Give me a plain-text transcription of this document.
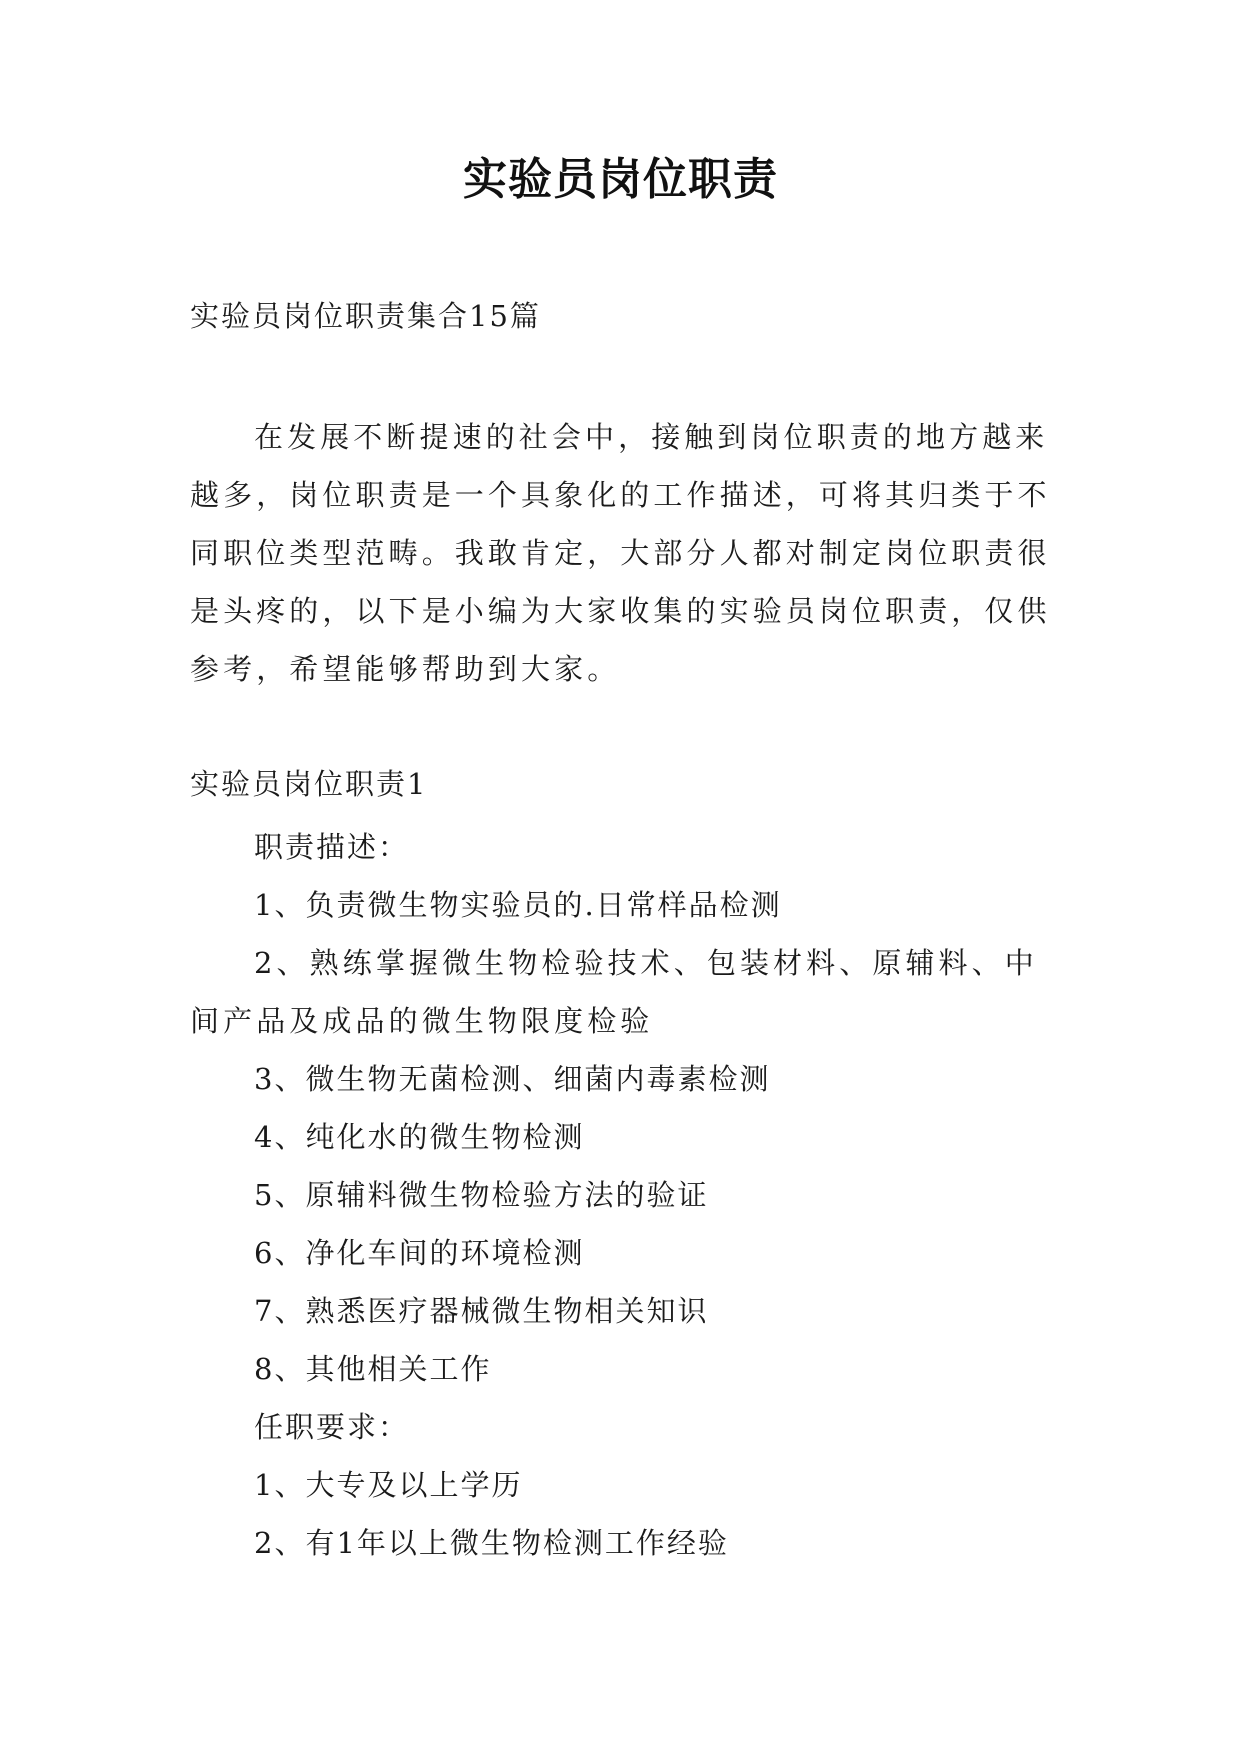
实验员岗位职责
实验员岗位职责集合15篇
在发展不断提速的社会中，接触到岗位职责的地方越来越多，岗位职责是一个具象化的工作描述，可将其归类于不同职位类型范畴。我敢肯定，大部分人都对制定岗位职责很是头疼的，以下是小编为大家收集的实验员岗位职责，仅供参考，希望能够帮助到大家。
实验员岗位职责1
职责描述：
1、负责微生物实验员的.日常样品检测
2、熟练掌握微生物检验技术、包装材料、原辅料、中间产品及成品的微生物限度检验
3、微生物无菌检测、细菌内毒素检测
4、纯化水的微生物检测
5、原辅料微生物检验方法的验证
6、净化车间的环境检测
7、熟悉医疗器械微生物相关知识
8、其他相关工作
任职要求：
1、大专及以上学历
2、有1年以上微生物检测工作经验
